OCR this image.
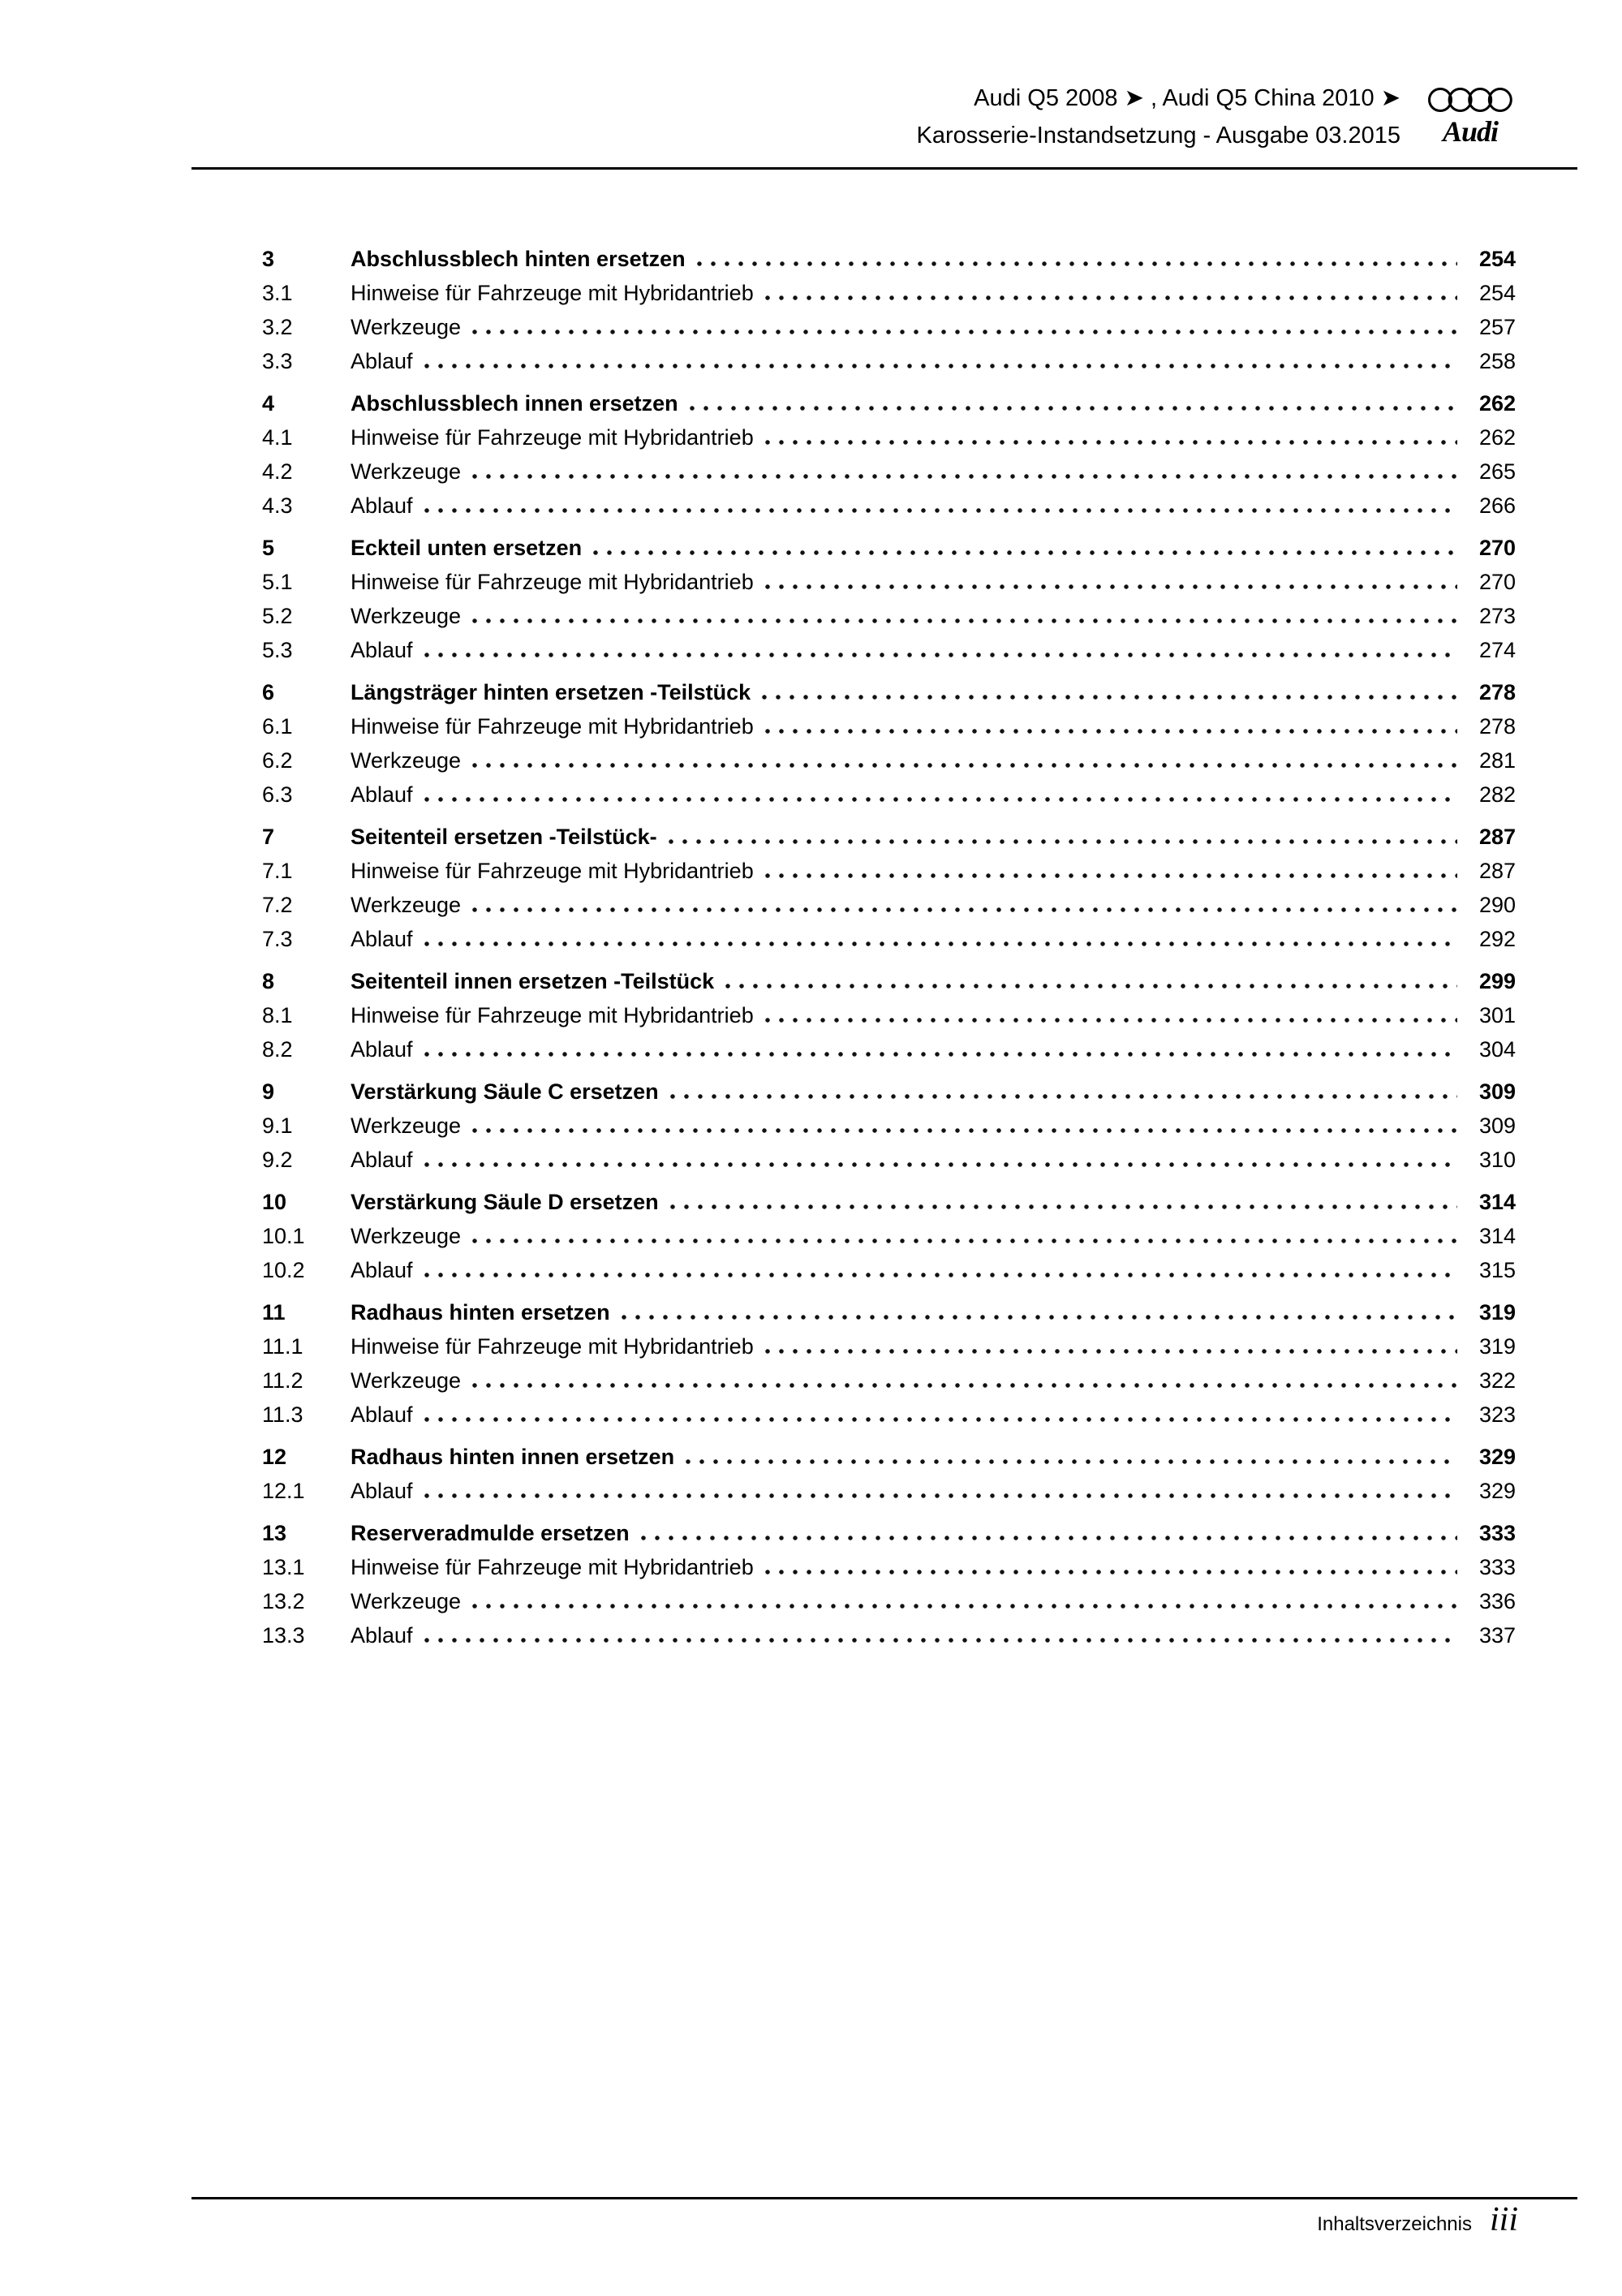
Audi Q5 2008 ➤ , Audi Q5 China 2010 ➤
Karosserie-Instandsetzung - Ausgabe 03.2015 Audi
3	Abschlussblech hinten ersetzen	254
3.1	Hinweise für Fahrzeuge mit Hybridantrieb	254
3.2	Werkzeuge	257
3.3	Ablauf	258
4	Abschlussblech innen ersetzen	262
4.1	Hinweise für Fahrzeuge mit Hybridantrieb	262
4.2	Werkzeuge	265
4.3	Ablauf	266
5	Eckteil unten ersetzen	270
5.1	Hinweise für Fahrzeuge mit Hybridantrieb	270
5.2	Werkzeuge	273
5.3	Ablauf	274
6	Längsträger hinten ersetzen -Teilstück	278
6.1	Hinweise für Fahrzeuge mit Hybridantrieb	278
6.2	Werkzeuge	281
6.3	Ablauf	282
7	Seitenteil ersetzen -Teilstück-	287
7.1	Hinweise für Fahrzeuge mit Hybridantrieb	287
7.2	Werkzeuge	290
7.3	Ablauf	292
8	Seitenteil innen ersetzen -Teilstück	299
8.1	Hinweise für Fahrzeuge mit Hybridantrieb	301
8.2	Ablauf	304
9	Verstärkung Säule C ersetzen	309
9.1	Werkzeuge	309
9.2	Ablauf	310
10	Verstärkung Säule D ersetzen	314
10.1	Werkzeuge	314
10.2	Ablauf	315
11	Radhaus hinten ersetzen	319
11.1	Hinweise für Fahrzeuge mit Hybridantrieb	319
11.2	Werkzeuge	322
11.3	Ablauf	323
12	Radhaus hinten innen ersetzen	329
12.1	Ablauf	329
13	Reserveradmulde ersetzen	333
13.1	Hinweise für Fahrzeuge mit Hybridantrieb	333
13.2	Werkzeuge	336
13.3	Ablauf	337
Inhaltsverzeichnis iii
